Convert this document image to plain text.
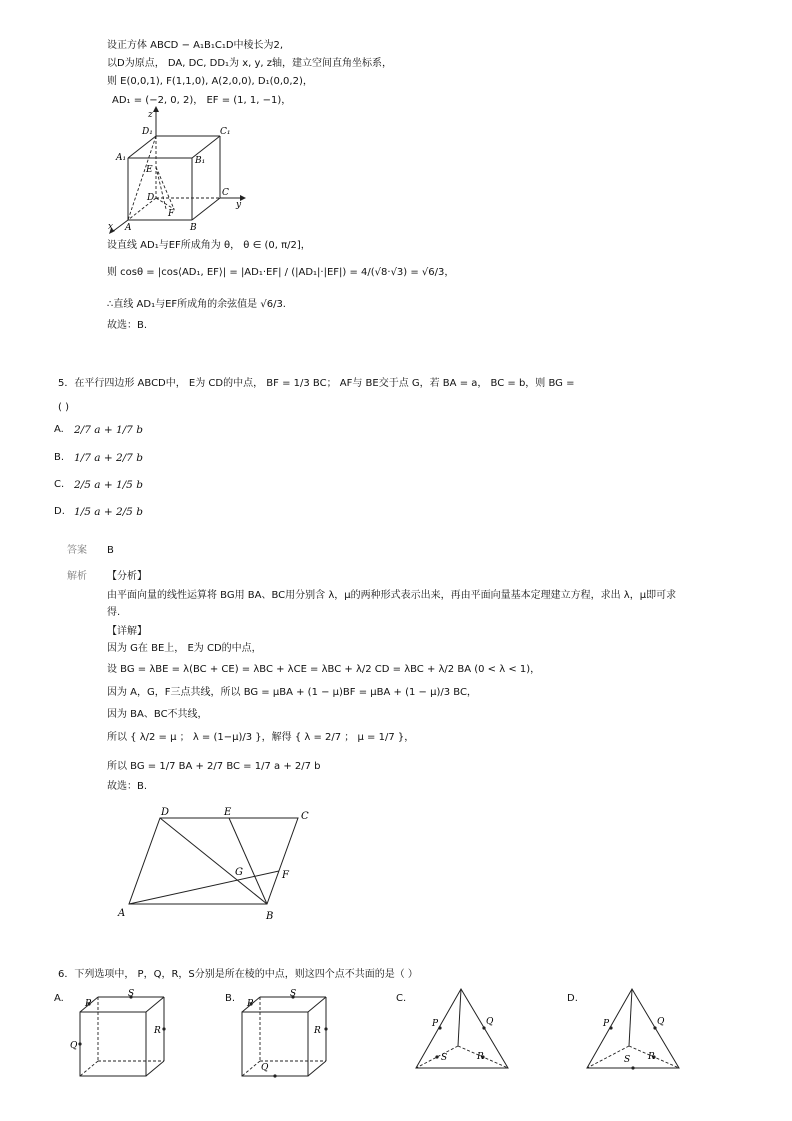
设正方体 ABCD − A₁B₁C₁D中棱长为2,
以D为原点， DA, DC, DD₁为 x, y, z轴，建立空间直角坐标系，
则 E(0,0,1), F(1,1,0), A(2,0,0), D₁(0,0,2)，
AD₁ = (−2, 0, 2)， EF = (1, 1, −1)，
z
D₁	C₁
A₁	B₁
E
C
D
F
y
x A	B
设直线 AD₁与EF所成角为 θ， θ ∈ (0, π/2]，
则 cosθ = |cos⟨AD₁, EF⟩| = |AD₁·EF| / (|AD₁|·|EF|) = 4/(√8·√3) = √6/3，
∴直线 AD₁与EF所成角的余弦值是 √6/3.
故选：B.
5．在平行四边形 ABCD中， E为 CD的中点， BF = 1/3 BC； AF与 BE交于点 G，若 BA = a， BC = b，则 BG =
( )
A. 2/7 a + 1/7 b
B. 1/7 a + 2/7 b
C. 2/5 a + 1/5 b
D. 1/5 a + 2/5 b
答案 B
解析 【分析】
由平面向量的线性运算将 BG用 BA、BC用分别含 λ，μ的两种形式表示出来，再由平面向量基本定理建立方程，求出 λ，μ即可求
得.
【详解】
因为 G在 BE上， E为 CD的中点，
设 BG = λBE = λ(BC + CE) = λBC + λCE = λBC + λ/2 CD = λBC + λ/2 BA (0 < λ < 1)，
因为 A，G，F三点共线，所以 BG = μBA + (1 − μ)BF = μBA + (1 − μ)/3 BC，
因为 BA、BC不共线，
所以 { λ/2 = μ ； λ = (1−μ)/3 }，解得 { λ = 2/7 ； μ = 1/7 }，
所以 BG = 1/7 BA + 2/7 BC = 1/7 a + 2/7 b
故选：B.
D	E	C
G	F
A	B
6．下列选项中， P，Q，R，S分别是所在棱的中点，则这四个点不共面的是（ ）
A. P
Q
R
S	B. P
Q
R
S	C.
P	Q
R
S
D.
P	Q
R
S
